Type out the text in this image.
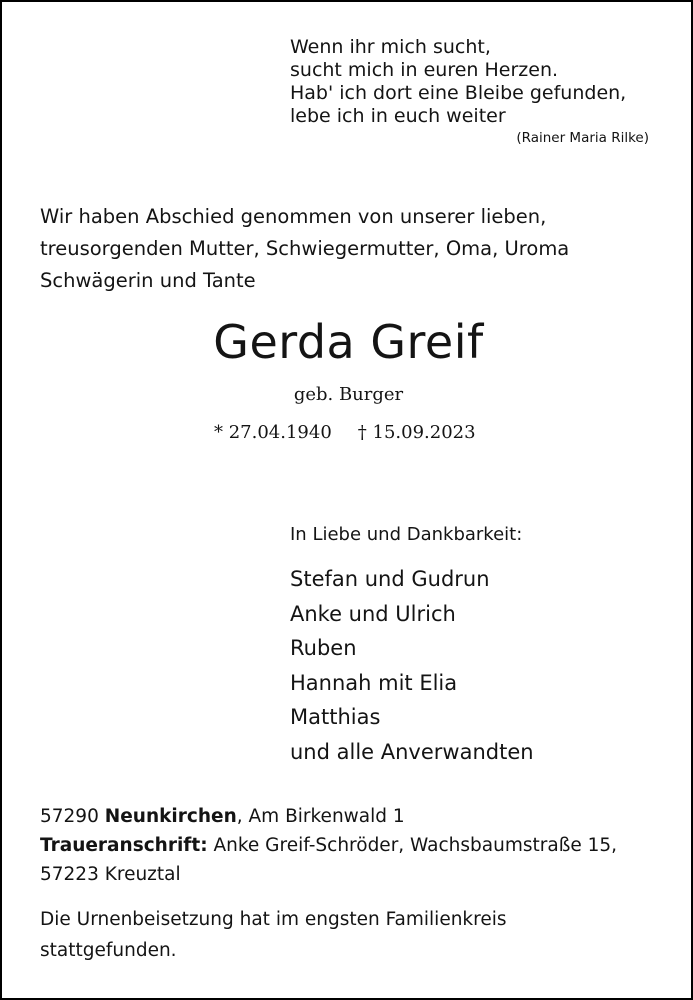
Wenn ihr mich sucht,
sucht mich in euren Herzen.
Hab' ich dort eine Bleibe gefunden,
lebe ich in euch weiter
(Rainer Maria Rilke)
Wir haben Abschied genommen von unserer lieben,
treusorgenden Mutter, Schwiegermutter, Oma, Uroma
Schwägerin und Tante
Gerda Greif
geb. Burger
* 27.04.1940 † 15.09.2023
In Liebe und Dankbarkeit:
Stefan und Gudrun
Anke und Ulrich
Ruben
Hannah mit Elia
Matthias
und alle Anverwandten
57290 Neunkirchen, Am Birkenwald 1
Traueranschrift: Anke Greif-Schröder, Wachsbaumstraße 15,
57223 Kreuztal
Die Urnenbeisetzung hat im engsten Familienkreis
stattgefunden.
